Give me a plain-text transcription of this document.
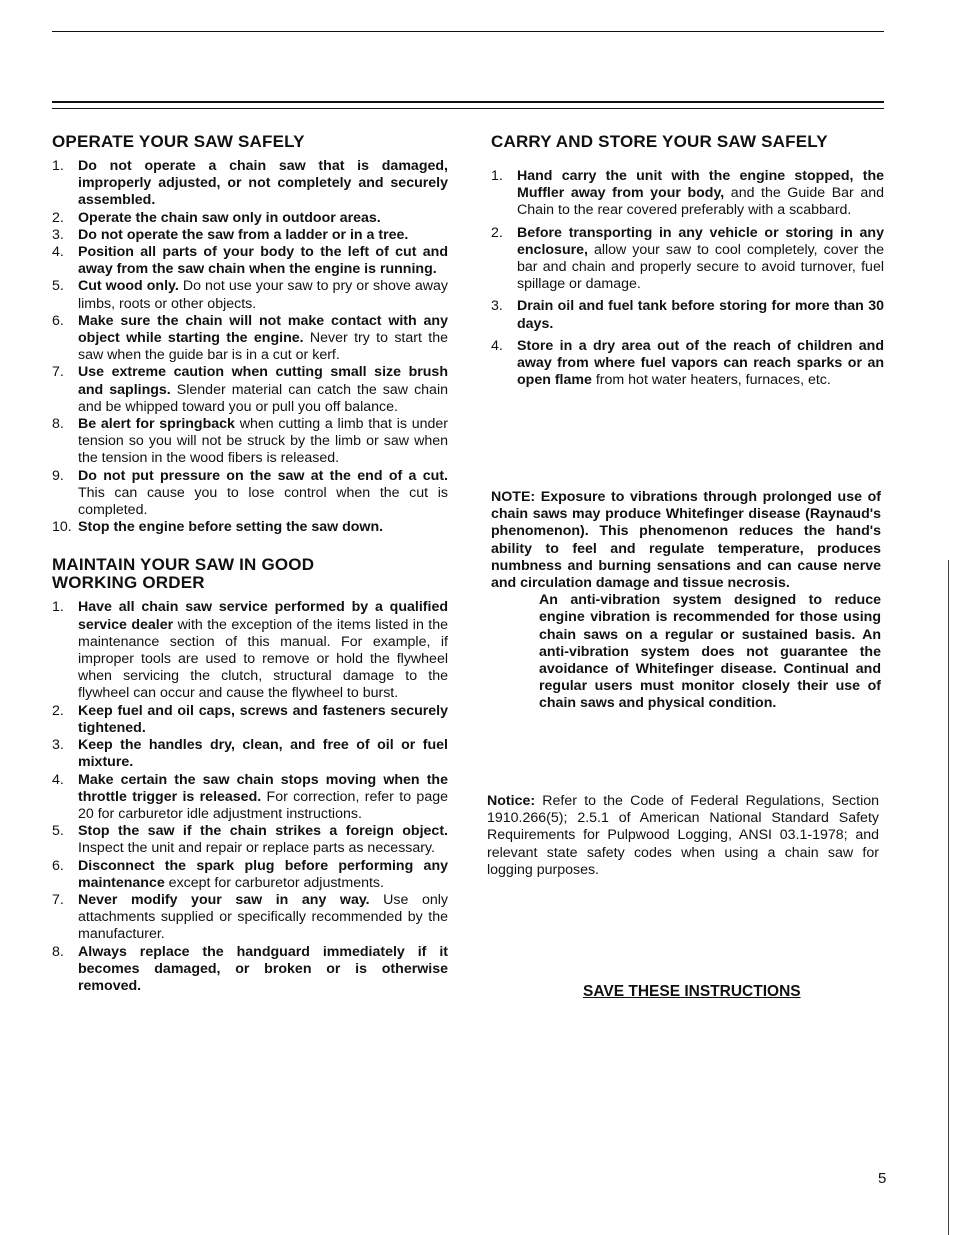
OPERATE YOUR SAW SAFELY
1. Do not operate a chain saw that is damaged, improperly adjusted, or not completely and securely assembled.
2. Operate the chain saw only in outdoor areas.
3. Do not operate the saw from a ladder or in a tree.
4. Position all parts of your body to the left of cut and away from the saw chain when the engine is running.
5. Cut wood only. Do not use your saw to pry or shove away limbs, roots or other objects.
6. Make sure the chain will not make contact with any object while starting the engine. Never try to start the saw when the guide bar is in a cut or kerf.
7. Use extreme caution when cutting small size brush and saplings. Slender material can catch the saw chain and be whipped toward you or pull you off balance.
8. Be alert for springback when cutting a limb that is under tension so you will not be struck by the limb or saw when the tension in the wood fibers is released.
9. Do not put pressure on the saw at the end of a cut. This can cause you to lose control when the cut is completed.
10. Stop the engine before setting the saw down.
MAINTAIN YOUR SAW IN GOOD WORKING ORDER
1. Have all chain saw service performed by a qualified service dealer with the exception of the items listed in the maintenance section of this manual. For example, if improper tools are used to remove or hold the flywheel when servicing the clutch, structural damage to the flywheel can occur and cause the flywheel to burst.
2. Keep fuel and oil caps, screws and fasteners securely tightened.
3. Keep the handles dry, clean, and free of oil or fuel mixture.
4. Make certain the saw chain stops moving when the throttle trigger is released. For correction, refer to page 20 for carburetor idle adjustment instructions.
5. Stop the saw if the chain strikes a foreign object. Inspect the unit and repair or replace parts as necessary.
6. Disconnect the spark plug before performing any maintenance except for carburetor adjustments.
7. Never modify your saw in any way. Use only attachments supplied or specifically recommended by the manufacturer.
8. Always replace the handguard immediately if it becomes damaged, or broken or is otherwise removed.
CARRY AND STORE YOUR SAW SAFELY
1. Hand carry the unit with the engine stopped, the Muffler away from your body, and the Guide Bar and Chain to the rear covered preferably with a scabbard.
2. Before transporting in any vehicle or storing in any enclosure, allow your saw to cool completely, cover the bar and chain and properly secure to avoid turnover, fuel spillage or damage.
3. Drain oil and fuel tank before storing for more than 30 days.
4. Store in a dry area out of the reach of children and away from where fuel vapors can reach sparks or an open flame from hot water heaters, furnaces, etc.
NOTE: Exposure to vibrations through prolonged use of chain saws may produce Whitefinger disease (Raynaud's phenomenon). This phenomenon reduces the hand's ability to feel and regulate temperature, produces numbness and burning sensations and can cause nerve and circulation damage and tissue necrosis.
An anti-vibration system designed to reduce engine vibration is recommended for those using chain saws on a regular or sustained basis. An anti-vibration system does not guarantee the avoidance of Whitefinger disease. Continual and regular users must monitor closely their use of chain saws and physical condition.
Notice: Refer to the Code of Federal Regulations, Section 1910.266(5); 2.5.1 of American National Standard Safety Requirements for Pulpwood Logging, ANSI 03.1-1978; and relevant state safety codes when using a chain saw for logging purposes.
SAVE THESE INSTRUCTIONS
5
